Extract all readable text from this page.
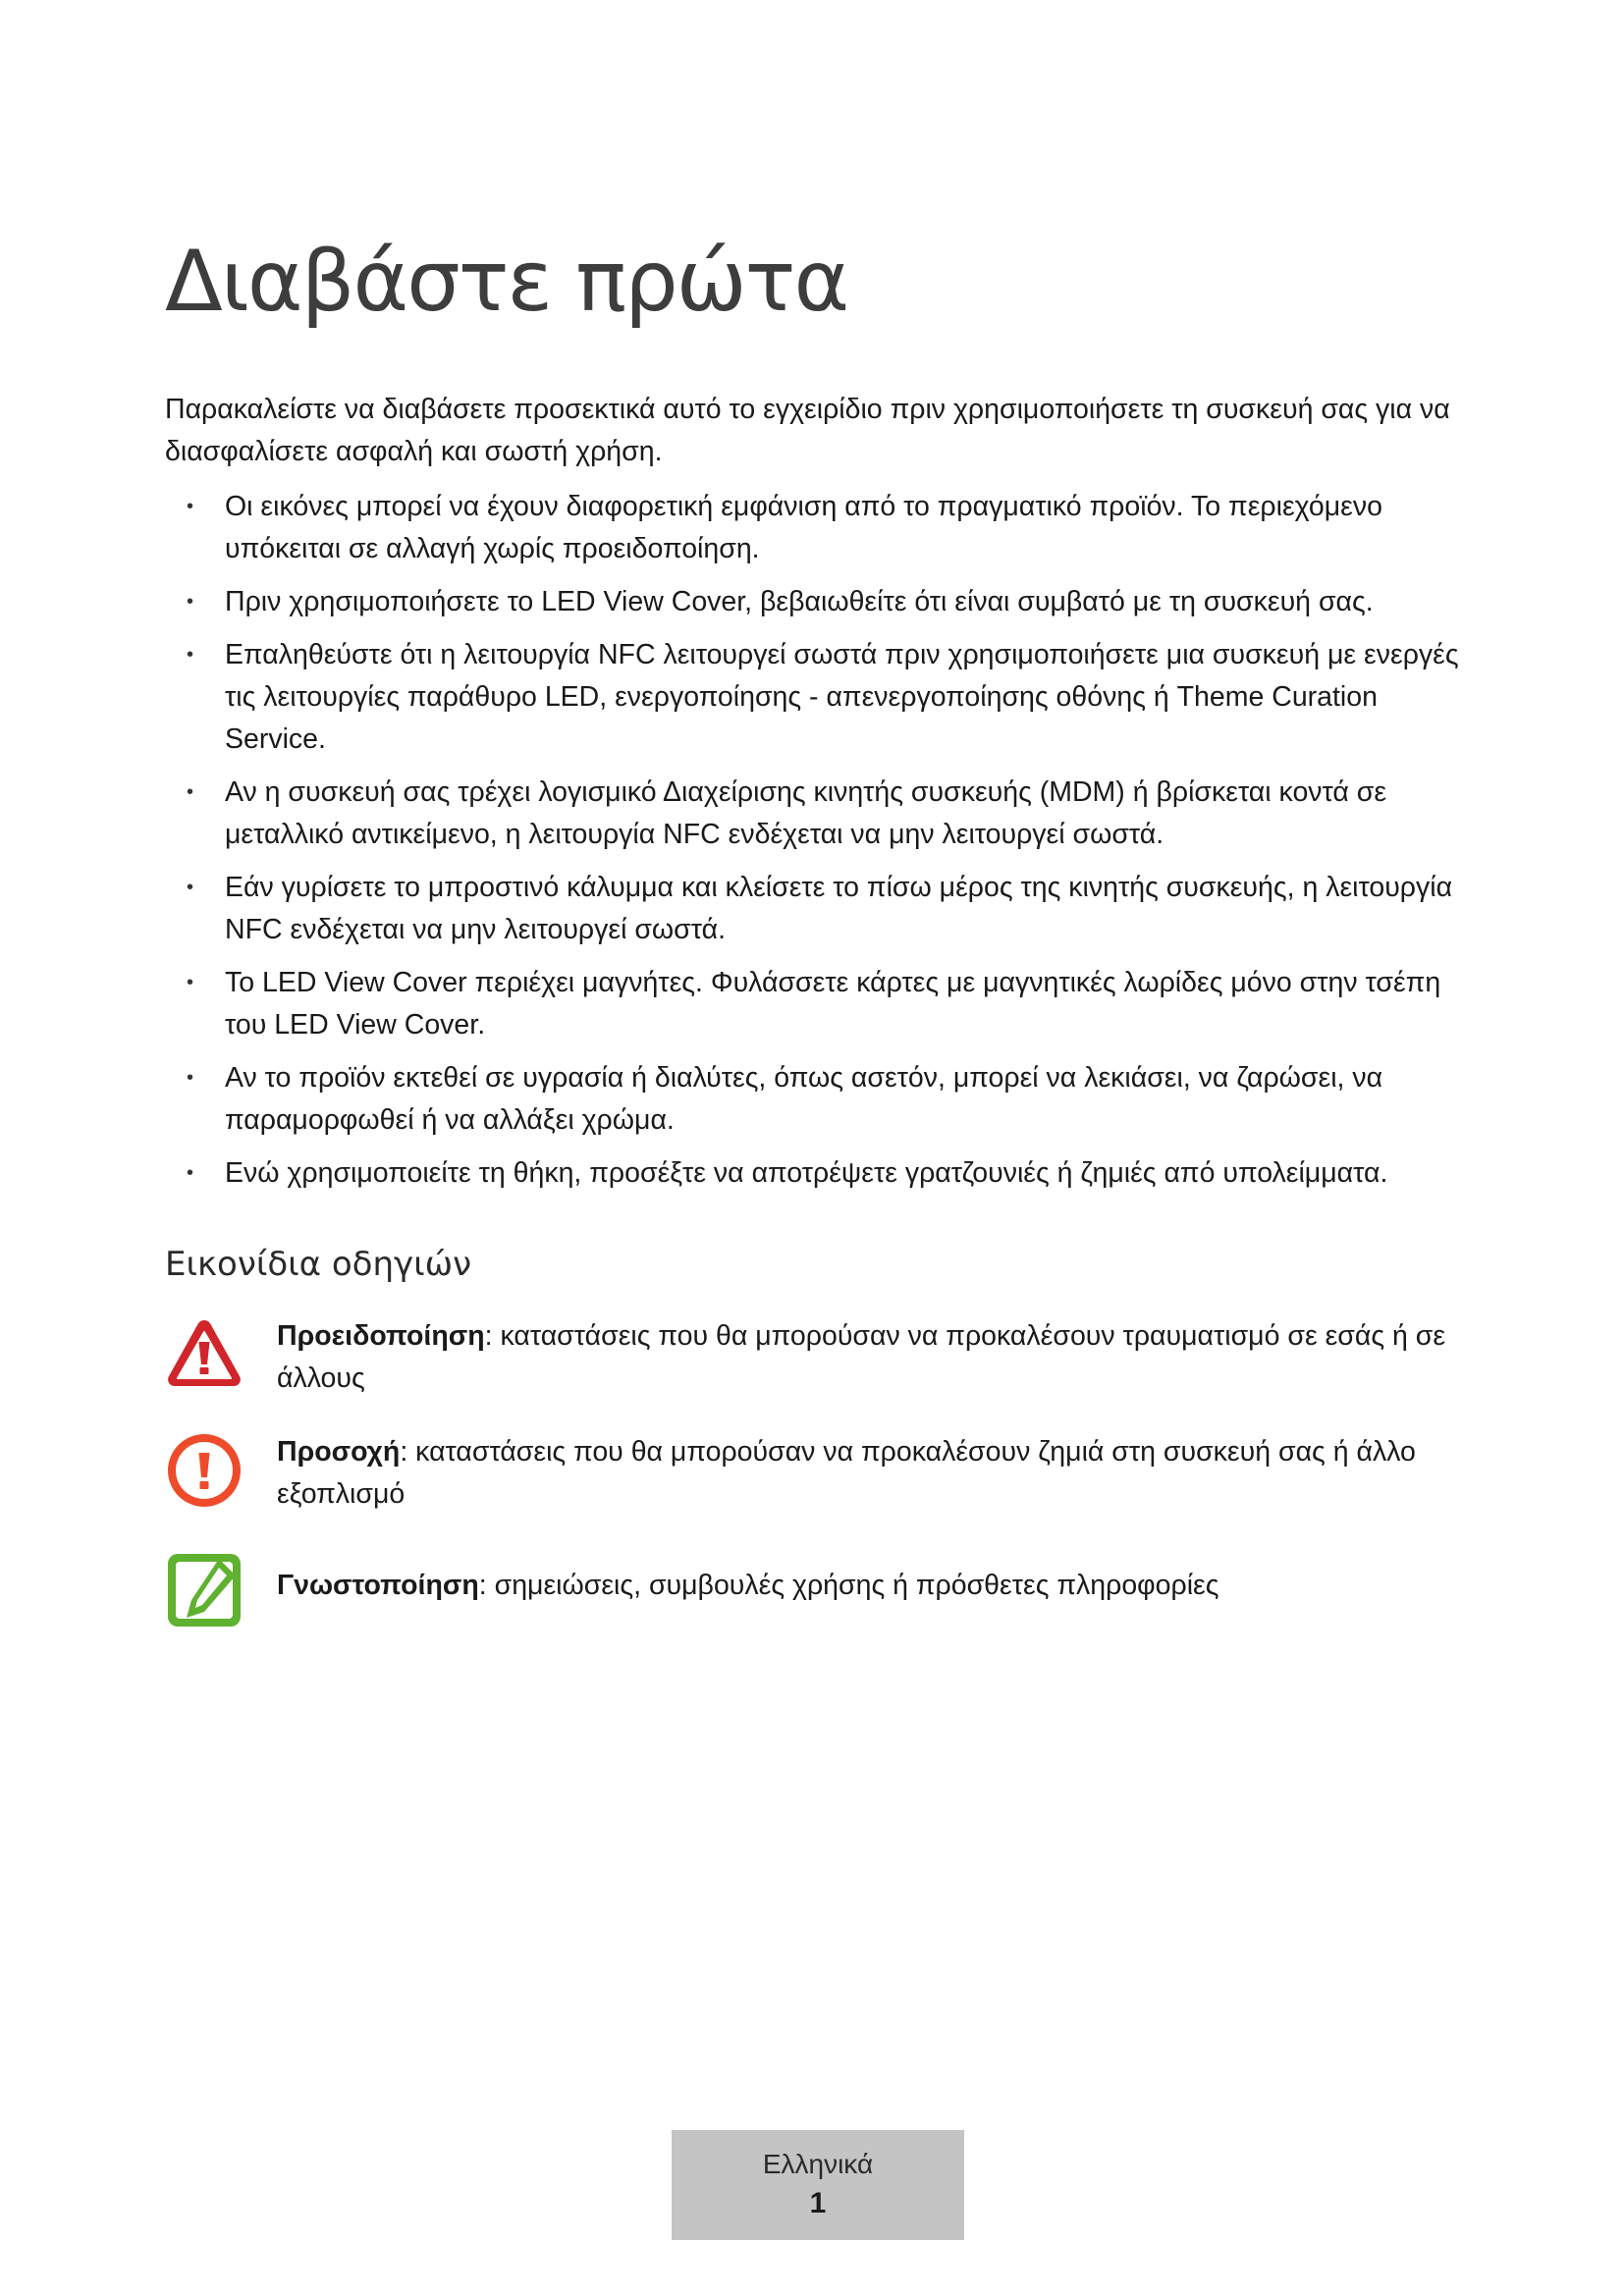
Διαβάστε πρώτα

Παρακαλείστε να διαβάσετε προσεκτικά αυτό το εγχειρίδιο πριν χρησιμοποιήσετε τη συσκευή σας για να διασφαλίσετε ασφαλή και σωστή χρήση.

• Οι εικόνες μπορεί να έχουν διαφορετική εμφάνιση από το πραγματικό προϊόν. Το περιεχόμενο υπόκειται σε αλλαγή χωρίς προειδοποίηση.
• Πριν χρησιμοποιήσετε το LED View Cover, βεβαιωθείτε ότι είναι συμβατό με τη συσκευή σας.
• Επαληθεύστε ότι η λειτουργία NFC λειτουργεί σωστά πριν χρησιμοποιήσετε μια συσκευή με ενεργές τις λειτουργίες παράθυρο LED, ενεργοποίησης - απενεργοποίησης οθόνης ή Theme Curation Service.
• Αν η συσκευή σας τρέχει λογισμικό Διαχείρισης κινητής συσκευής (MDM) ή βρίσκεται κοντά σε μεταλλικό αντικείμενο, η λειτουργία NFC ενδέχεται να μην λειτουργεί σωστά.
• Εάν γυρίσετε το μπροστινό κάλυμμα και κλείσετε το πίσω μέρος της κινητής συσκευής, η λειτουργία NFC ενδέχεται να μην λειτουργεί σωστά.
• Το LED View Cover περιέχει μαγνήτες. Φυλάσσετε κάρτες με μαγνητικές λωρίδες μόνο στην τσέπη του LED View Cover.
• Αν το προϊόν εκτεθεί σε υγρασία ή διαλύτες, όπως ασετόν, μπορεί να λεκιάσει, να ζαρώσει, να παραμορφωθεί ή να αλλάξει χρώμα.
• Ενώ χρησιμοποιείτε τη θήκη, προσέξτε να αποτρέψετε γρατζουνιές ή ζημιές από υπολείμματα.
Εικονίδια οδηγιών
Προειδοποίηση: καταστάσεις που θα μπορούσαν να προκαλέσουν τραυματισμό σε εσάς ή σε άλλους
Προσοχή: καταστάσεις που θα μπορούσαν να προκαλέσουν ζημιά στη συσκευή σας ή άλλο εξοπλισμό
Γνωστοποίηση: σημειώσεις, συμβουλές χρήσης ή πρόσθετες πληροφορίες
Ελληνικά
1
